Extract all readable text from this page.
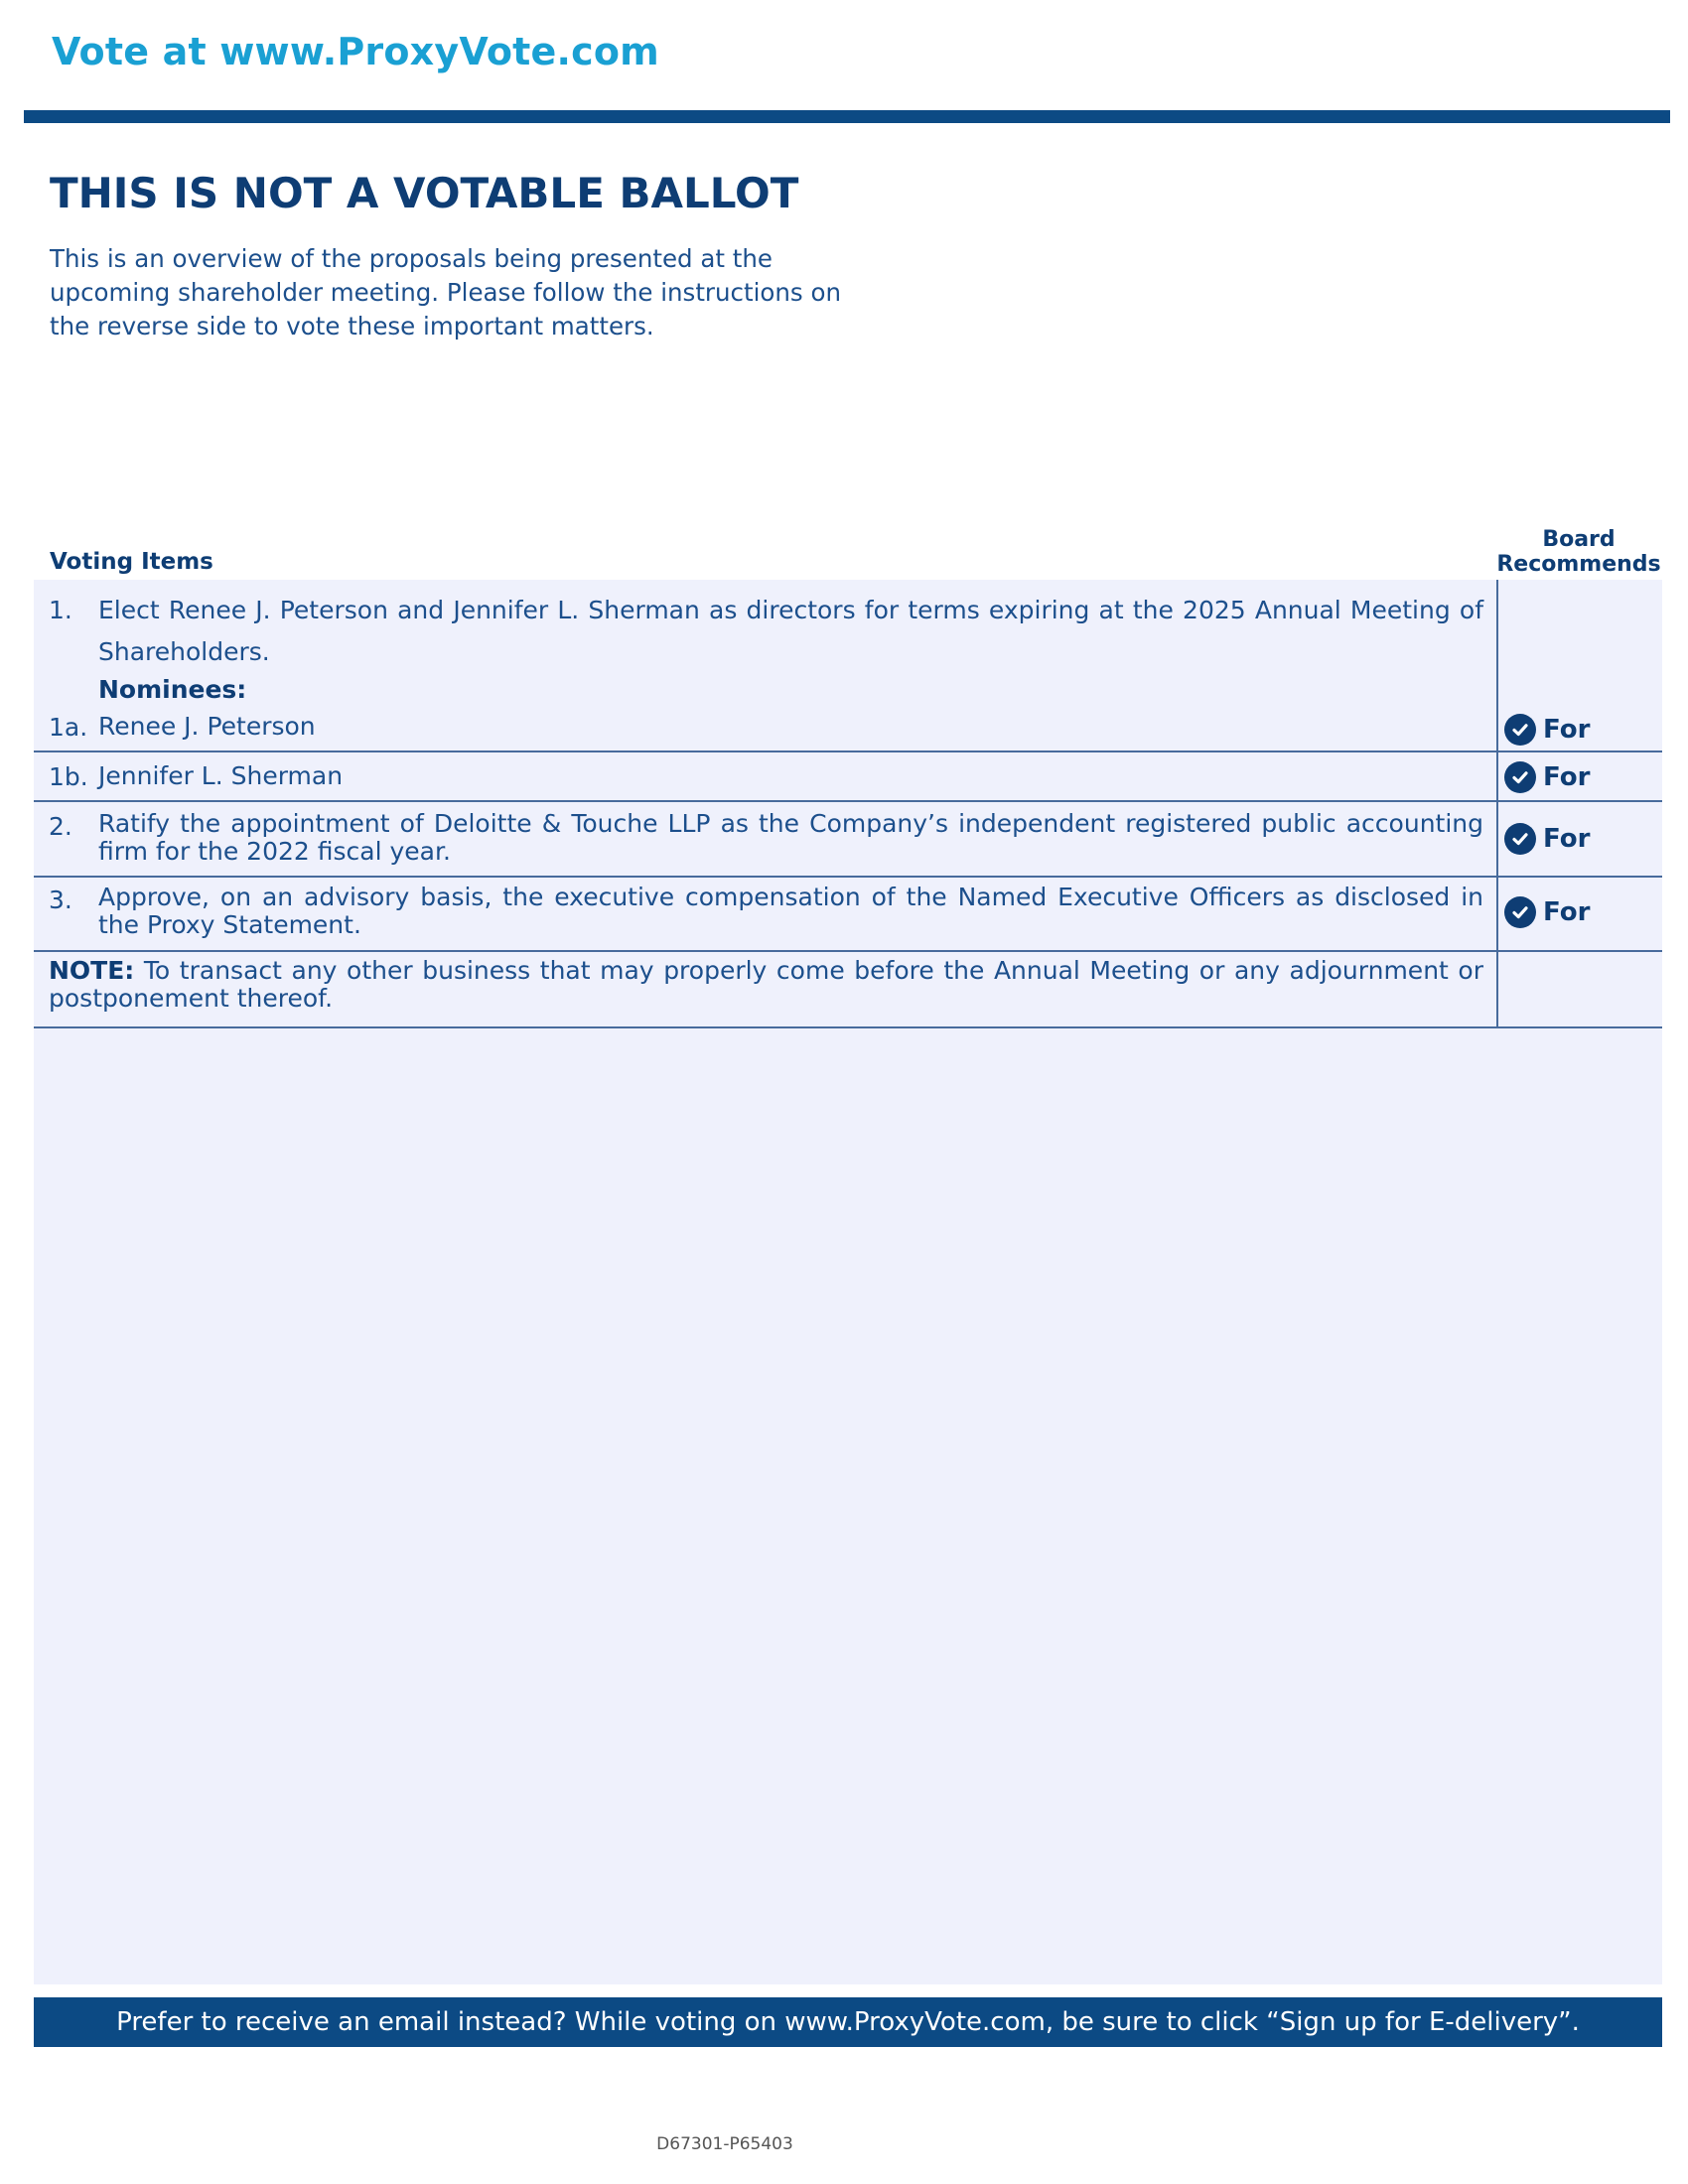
Vote at www.ProxyVote.com
THIS IS NOT A VOTABLE BALLOT
This is an overview of the proposals being presented at the upcoming shareholder meeting. Please follow the instructions on the reverse side to vote these important matters.
Voting Items
Board
Recommends
1. Elect Renee J. Peterson and Jennifer L. Sherman as directors for terms expiring at the 2025 Annual Meeting of Shareholders.
Nominees:
1a. Renee J. Peterson	For
1b. Jennifer L. Sherman	For
2. Ratify the appointment of Deloitte & Touche LLP as the Company’s independent registered public accounting firm for the 2022 fiscal year.	For
3. Approve, on an advisory basis, the executive compensation of the Named Executive Officers as disclosed in the Proxy Statement.	For
NOTE: To transact any other business that may properly come before the Annual Meeting or any adjournment or postponement thereof.
Prefer to receive an email instead? While voting on www.ProxyVote.com, be sure to click “Sign up for E-delivery”.
D67301-P65403
